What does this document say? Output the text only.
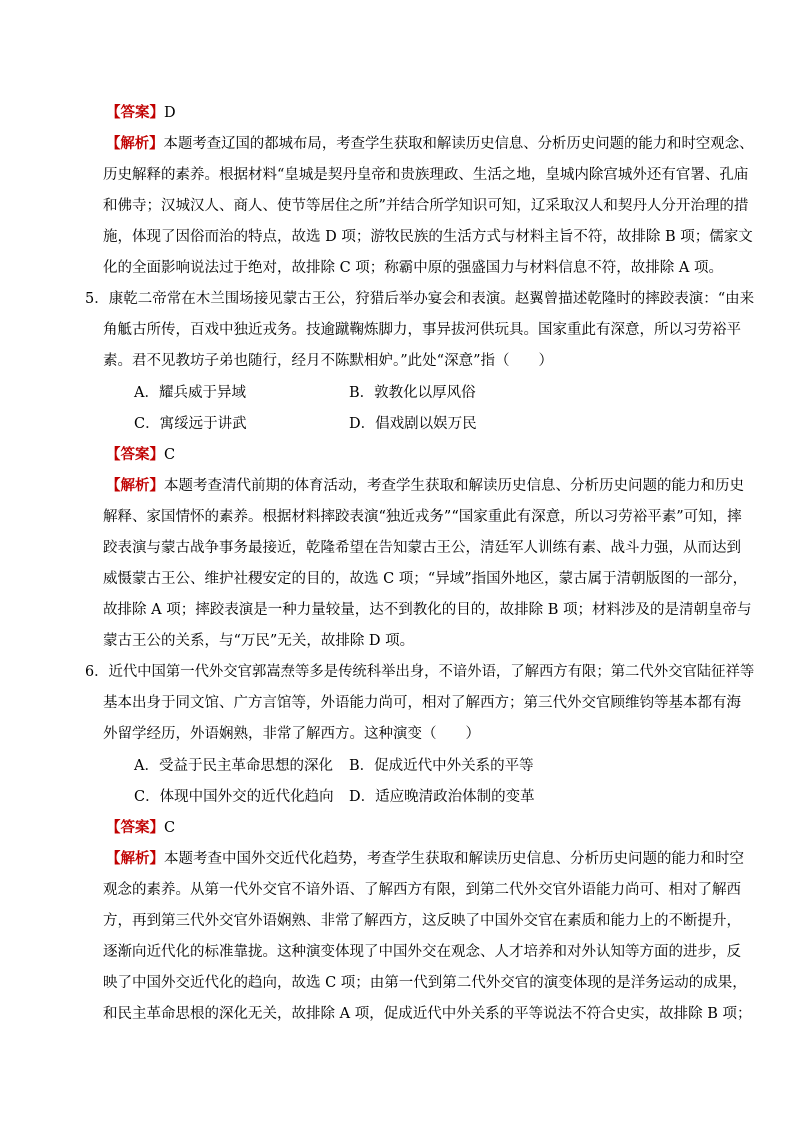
【答案】D
【解析】本题考查辽国的都城布局，考查学生获取和解读历史信息、分析历史问题的能力和时空观念、
历史解释的素养。根据材料“皇城是契丹皇帝和贵族理政、生活之地，皇城内除宫城外还有官署、孔庙
和佛寺；汉城汉人、商人、使节等居住之所”并结合所学知识可知，辽采取汉人和契丹人分开治理的措
施，体现了因俗而治的特点，故选 D 项；游牧民族的生活方式与材料主旨不符，故排除 B 项；儒家文
化的全面影响说法过于绝对，故排除 C 项；称霸中原的强盛国力与材料信息不符，故排除 A 项。
5．康乾二帝常在木兰围场接见蒙古王公，狩猎后举办宴会和表演。赵翼曾描述乾隆时的摔跤表演：“由来
角觝古所传，百戏中独近戎务。技逾蹴鞠炼脚力，事异拔河供玩具。国家重此有深意，所以习劳裕平
素。君不见教坊子弟也随行，经月不陈默相妒。”此处“深意”指（　　）
A．耀兵威于异域	B．敦教化以厚风俗
C．寓绥远于讲武	D．倡戏剧以娱万民
【答案】C
【解析】本题考查清代前期的体育活动，考查学生获取和解读历史信息、分析历史问题的能力和历史
解释、家国情怀的素养。根据材料摔跤表演“独近戎务”“国家重此有深意，所以习劳裕平素”可知，摔
跤表演与蒙古战争事务最接近，乾隆希望在告知蒙古王公，清廷军人训练有素、战斗力强，从而达到
威慑蒙古王公、维护社稷安定的目的，故选 C 项；“异域”指国外地区，蒙古属于清朝版图的一部分，
故排除 A 项；摔跤表演是一种力量较量，达不到教化的目的，故排除 B 项；材料涉及的是清朝皇帝与
蒙古王公的关系，与“万民”无关，故排除 D 项。
6．近代中国第一代外交官郭嵩焘等多是传统科举出身，不谙外语，了解西方有限；第二代外交官陆征祥等
基本出身于同文馆、广方言馆等，外语能力尚可，相对了解西方；第三代外交官顾维钧等基本都有海
外留学经历，外语娴熟，非常了解西方。这种演变（　　）
A．受益于民主革命思想的深化 B．促成近代中外关系的平等
C．体现中国外交的近代化趋向 D．适应晚清政治体制的变革
【答案】C
【解析】本题考查中国外交近代化趋势，考查学生获取和解读历史信息、分析历史问题的能力和时空
观念的素养。从第一代外交官不谙外语、了解西方有限，到第二代外交官外语能力尚可、相对了解西
方，再到第三代外交官外语娴熟、非常了解西方，这反映了中国外交官在素质和能力上的不断提升，
逐渐向近代化的标准靠拢。这种演变体现了中国外交在观念、人才培养和对外认知等方面的进步，反
映了中国外交近代化的趋向，故选 C 项；由第一代到第二代外交官的演变体现的是洋务运动的成果，
和民主革命思根的深化无关，故排除 A 项，促成近代中外关系的平等说法不符合史实，故排除 B 项；
